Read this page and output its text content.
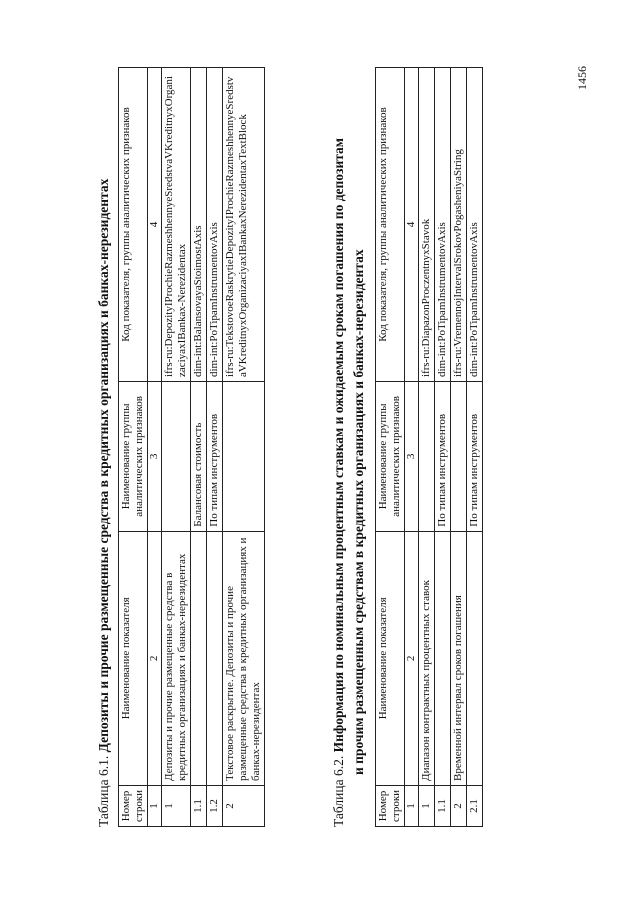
Таблица 6.1. Депозиты и прочие размещенные средства в кредитных организациях и банках-нерезидентах
Номер строки	Наименование показателя	Наименование группы аналитических признаков	Код показателя, группы аналитических признаков
1	2	3	4
1	Депозиты и прочие размещенные средства в кредитных организациях и банках-нерезидентах		ifrs-ru:DepozityIProchieRazmeshhennyeSredstvaVKreditnyxOrganizaciyaxIBankax-Nerezidentax
1.1		Балансовая стоимость	dim-int:BalansovayaStoimostAxis
1.2		По типам инструментов	dim-int:PoTipamInstrumentovAxis
2	Текстовое раскрытие. Депозиты и прочие размещенные средства в кредитных организациях и банках-нерезидентах		ifrs-ru:TekstovoeRaskrytieDepozityIProchieRazmeshhennyeSredstvaVKreditnyxOrganizaciyaxIBankaxNerezidentaxTextBlock
Таблица 6.2. Информация по номинальным процентным ставкам и ожидаемым срокам погашения по депозитам и прочим размещенным средствам в кредитных организациях и банках-нерезидентах
Номер строки	Наименование показателя	Наименование группы аналитических признаков	Код показателя, группы аналитических признаков
1	2	3	4
1	Диапазон контрактных процентных ставок		ifrs-ru:DiapazonProczentnyxStavok
1.1		По типам инструментов	dim-int:PoTipamInstrumentovAxis
2	Временной интервал сроков погашения		ifrs-ru:VremennojIntervalSrokovPogasheniyaString
2.1		По типам инструментов	dim-int:PoTipamInstrumentovAxis
1456
